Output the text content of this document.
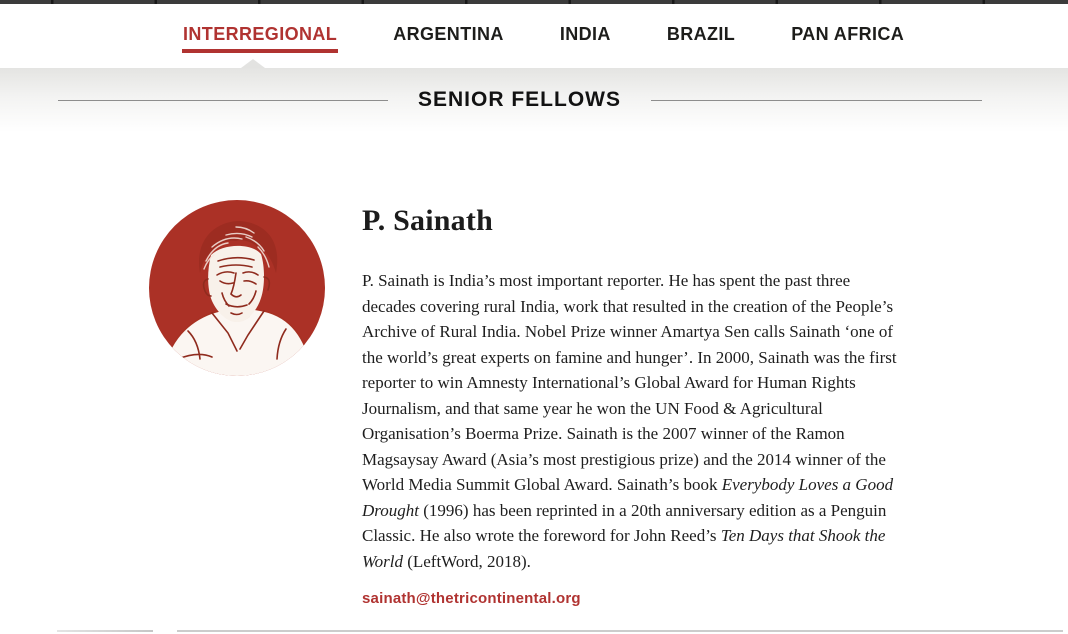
INTERREGIONAL	ARGENTINA	INDIA	BRAZIL	PAN AFRICA
SENIOR FELLOWS
P. Sainath
P. Sainath is India’s most important reporter. He has spent the past three decades covering rural India, work that resulted in the creation of the People’s Archive of Rural India. Nobel Prize winner Amartya Sen calls Sainath ‘one of the world’s great experts on famine and hunger’. In 2000, Sainath was the first reporter to win Amnesty International’s Global Award for Human Rights Journalism, and that same year he won the UN Food & Agricultural Organisation’s Boerma Prize. Sainath is the 2007 winner of the Ramon Magsaysay Award (Asia’s most prestigious prize) and the 2014 winner of the World Media Summit Global Award. Sainath’s book Everybody Loves a Good Drought (1996) has been reprinted in a 20th anniversary edition as a Penguin Classic. He also wrote the foreword for John Reed’s Ten Days that Shook the World (LeftWord, 2018).
sainath@thetricontinental.org
